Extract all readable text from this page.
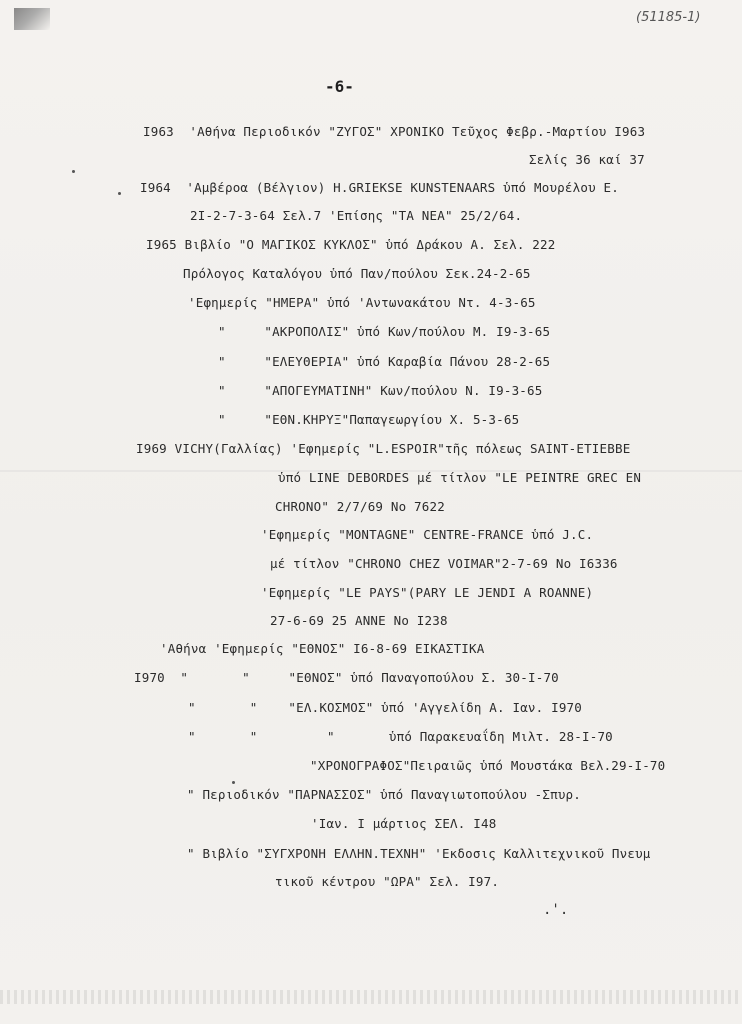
(51185-1)
-6-
I963  'Αθήνα Περιοδικόν "ΖΥΓΟΣ" ΧΡΟΝΙΚΟ Τεῦχος Φεβρ.-Μαρτίου I963
Σελίς 36 καί 37
I964  'Αμβέροα (Βέλγιον) H.GRIEKSE KUNSTENAARS ὑπό Μουρέλου Ε.
2I-2-7-3-64 Σελ.7 'Επίσης "ΤΑ ΝΕΑ" 25/2/64.
I965 Βιβλίο "Ο ΜΑΓΙΚΟΣ ΚΥΚΛΟΣ" ὑπό Δράκου Α. Σελ. 222
Πρόλογος Καταλόγου ὑπό Παν/πούλου Σεκ.24-2-65
'Εφημερίς "ΗΜΕΡΑ" ὑπό 'Αντωνακάτου Ντ. 4-3-65
"     "ΑΚΡΟΠΟΛΙΣ" ὑπό Κων/πούλου Μ. I9-3-65
"     "ΕΛΕΥΘΕΡΙΑ" ὑπό Καραβία Πάνου 28-2-65
"     "ΑΠΟΓΕΥΜΑΤΙΝΗ" Κων/πούλου Ν. I9-3-65
"     "ΕΘΝ.ΚΗΡΥΞ"Παπαγεωργίου Χ. 5-3-65
I969 VICHY(Γαλλίας) 'Εφημερίς "L.ESPOIR"τῆς πόλεως SAINT-ETIEBBE
ὑπό LINE DEBORDES μέ τίτλον "LE PEINTRE GREC EN
CHRONO" 2/7/69 No 7622
'Εφημερίς "MONTAGNE" CENTRE-FRANCE ὑπό J.C.
μέ τίτλον "CHRONO CHEZ VOIMAR"2-7-69 No I6336
'Εφημερίς "LE PAYS"(PARY LE JENDI A ROANNE)
27-6-69 25 ANNE No I238
'Αθήνα 'Εφημερίς "ΕΘΝΟΣ" I6-8-69 ΕΙΚΑΣΤΙΚΑ
I970  "       "     "ΕΘΝΟΣ" ὑπό Παναγοπούλου Σ. 30-I-70
"       "    "ΕΛ.ΚΟΣΜΟΣ" ὑπό 'Αγγελίδη Α. Ιαν. I970
"       "         "       ὑπό Παρακευαΐδη Μιλτ. 28-I-70
"ΧΡΟΝΟΓΡΑΦΟΣ"Πειραιῶς ὑπό Μουστάκα Βελ.29-I-70
" Περιοδικόν "ΠΑΡΝΑΣΣΟΣ" ὑπό Παναγιωτοπούλου -Σπυρ.
'Ιαν. Ι μάρτιος ΣΕΛ. I48
" Βιβλίο "ΣΥΓΧΡΟΝΗ ΕΛΛΗΝ.ΤΕΧΝΗ" 'Εκδοσις Καλλιτεχνικοῦ Πνευμ
τικοῦ κέντρου "ΩΡΑ" Σελ. I97.
.'.
